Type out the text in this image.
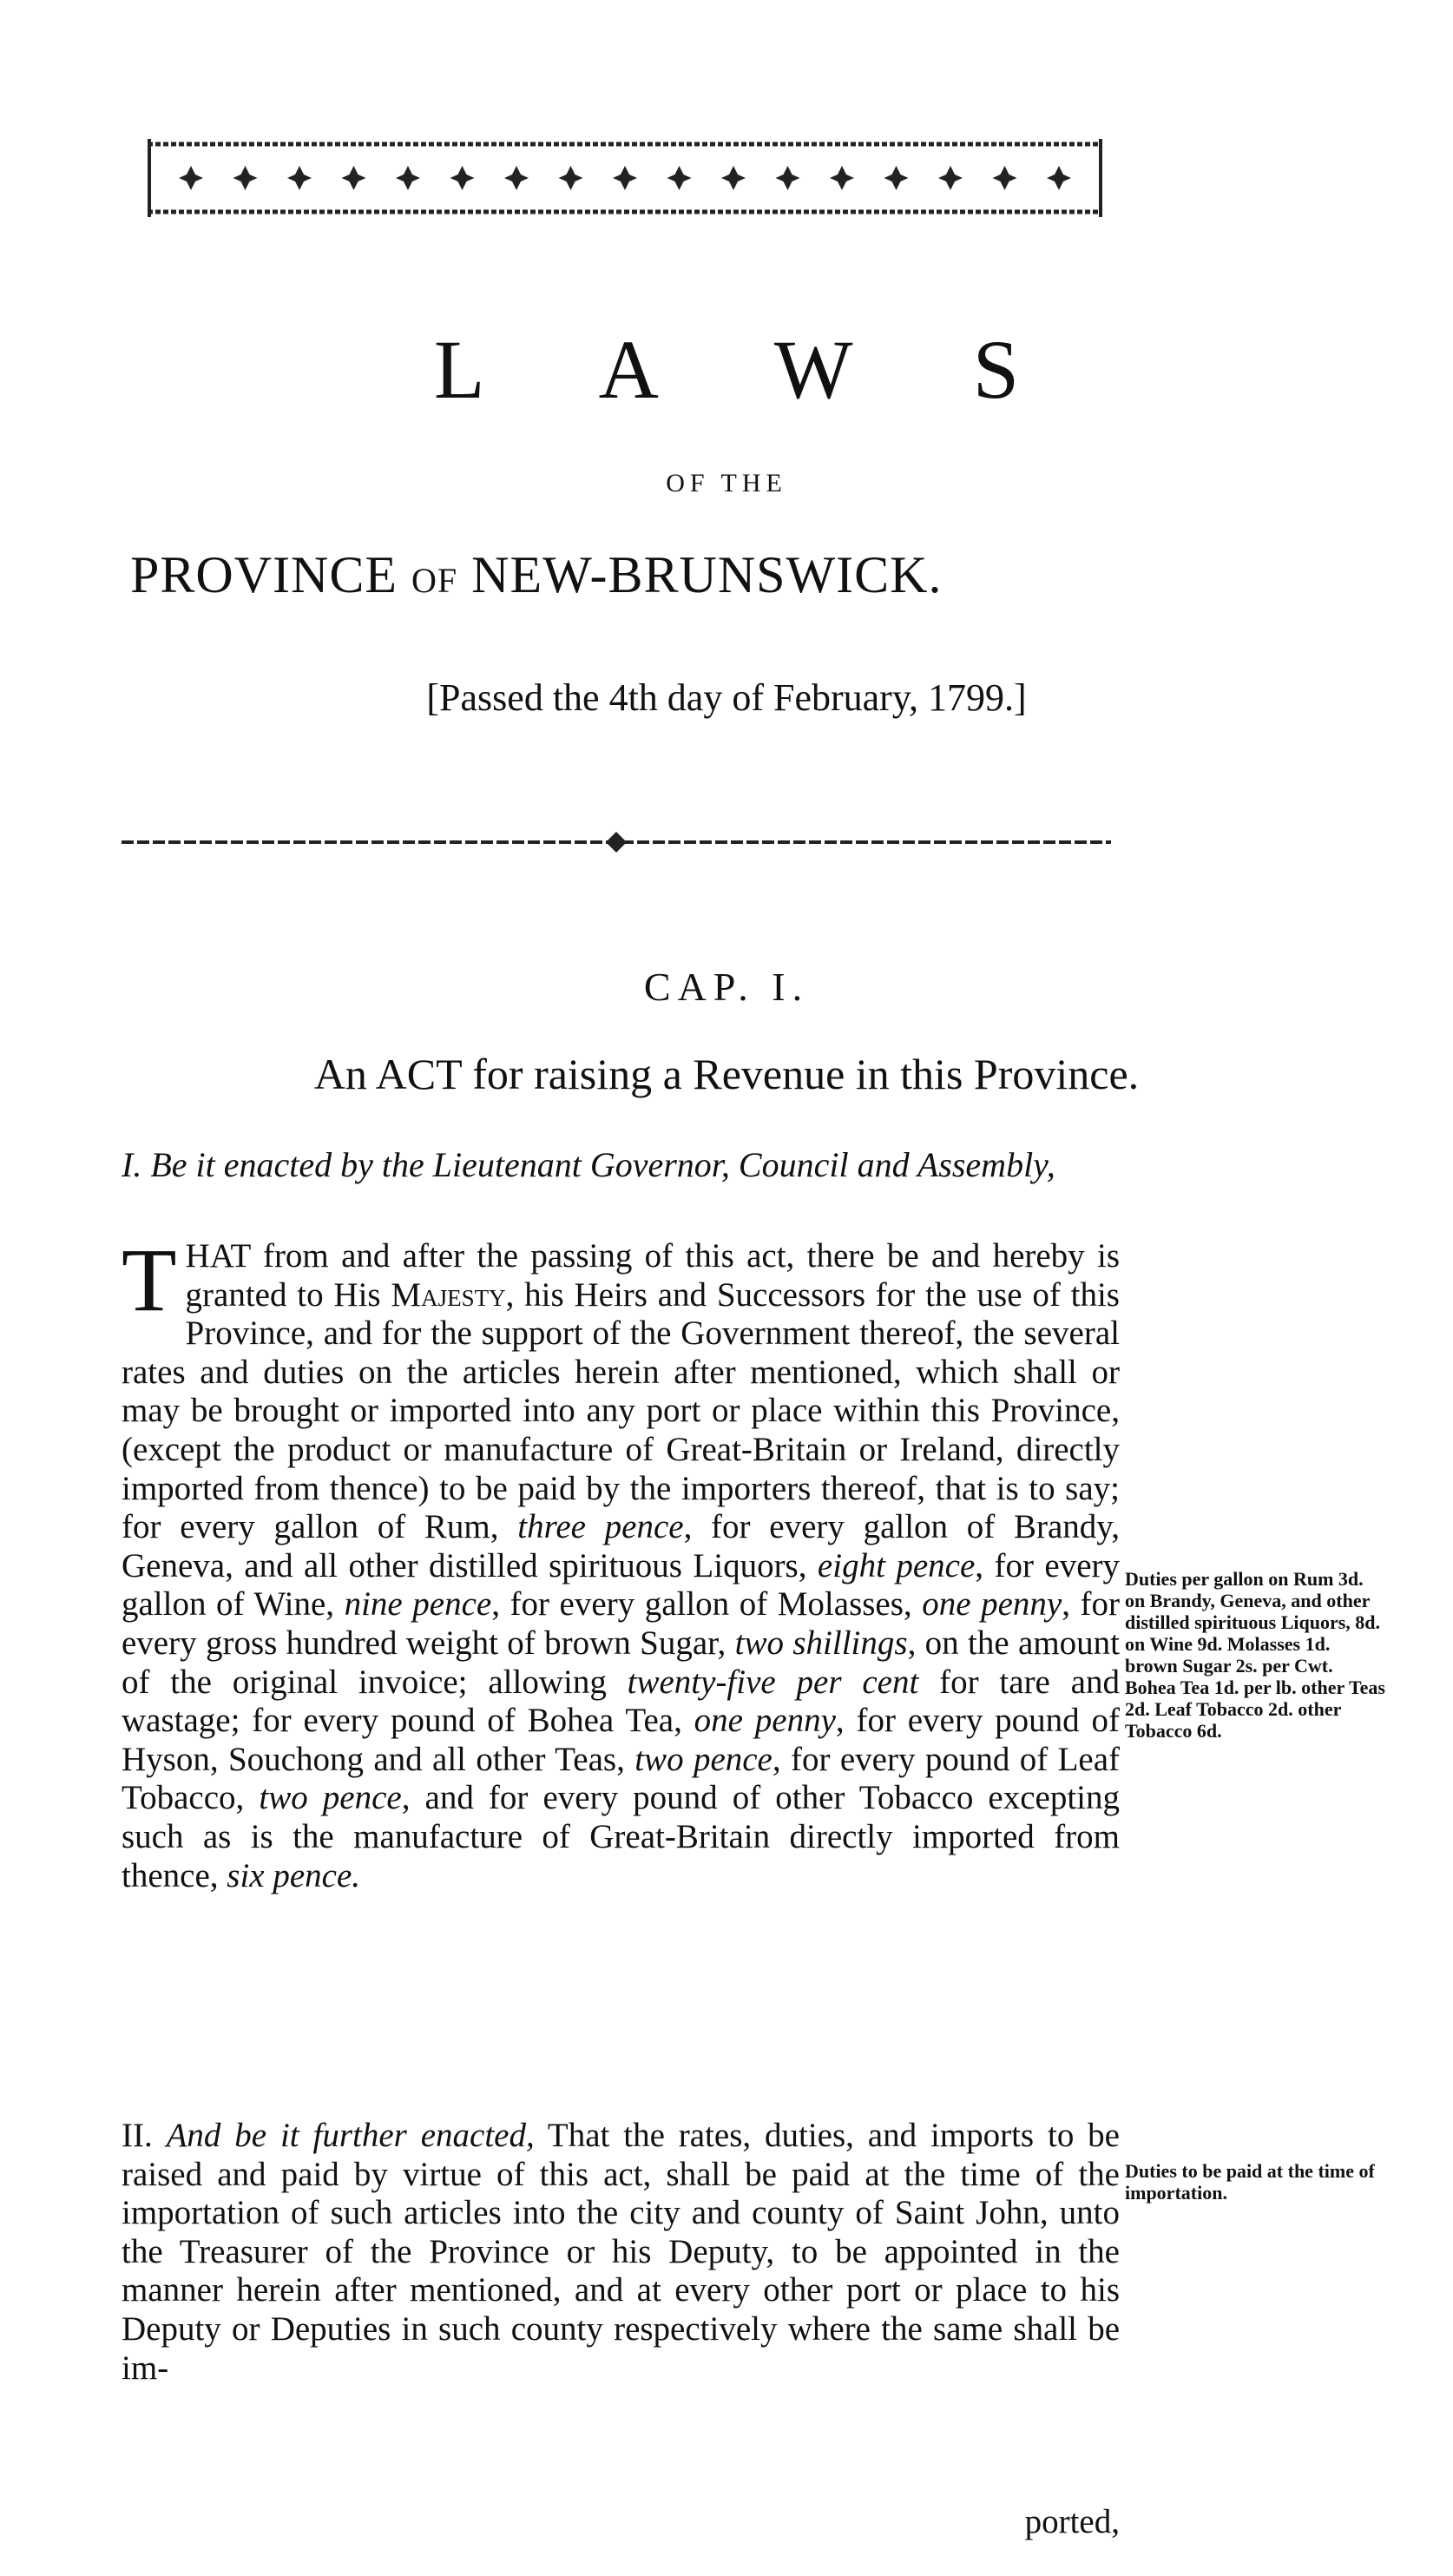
L A W S
OF THE
PROVINCE OF NEW-BRUNSWICK.
[Passed the 4th day of February, 1799.]
CAP. I.
An ACT for raising a Revenue in this Province.
I. Be it enacted by the Lieutenant Governor, Council and Assembly,
THAT from and after the passing of this act, there be and hereby is granted to His Majesty, his Heirs and Successors for the use of this Province, and for the support of the Government thereof, the several rates and duties on the articles herein after mentioned, which shall or may be brought or imported into any port or place within this Province, (except the product or manufacture of Great-Britain or Ireland, directly imported from thence) to be paid by the importers thereof, that is to say; for every gallon of Rum, three pence, for every gallon of Brandy, Geneva, and all other distilled spirituous Liquors, eight pence, for every gallon of Wine, nine pence, for every gallon of Molasses, one penny, for every gross hundred weight of brown Sugar, two shillings, on the amount of the original invoice; allowing twenty-five per cent for tare and wastage; for every pound of Bohea Tea, one penny, for every pound of Hyson, Souchong and all other Teas, two pence, for every pound of Leaf Tobacco, two pence, and for every pound of other Tobacco excepting such as is the manufacture of Great-Britain directly imported from thence, six pence.
Duties per gallon on Rum 3d. on Brandy, Geneva, and other distilled spirituous Liquors, 8d. on Wine 9d. Molasses 1d. brown Sugar 2s. per Cwt. Bohea Tea 1d. per lb. other Teas 2d. Leaf Tobacco 2d. other Tobacco 6d.
II. And be it further enacted, That the rates, duties, and imports to be raised and paid by virtue of this act, shall be paid at the time of the importation of such articles into the city and county of Saint John, unto the Treasurer of the Province or his Deputy, to be appointed in the manner herein after mentioned, and at every other port or place to his Deputy or Deputies in such county respectively where the same shall be im-
Duties to be paid at the time of importation.
ported,
